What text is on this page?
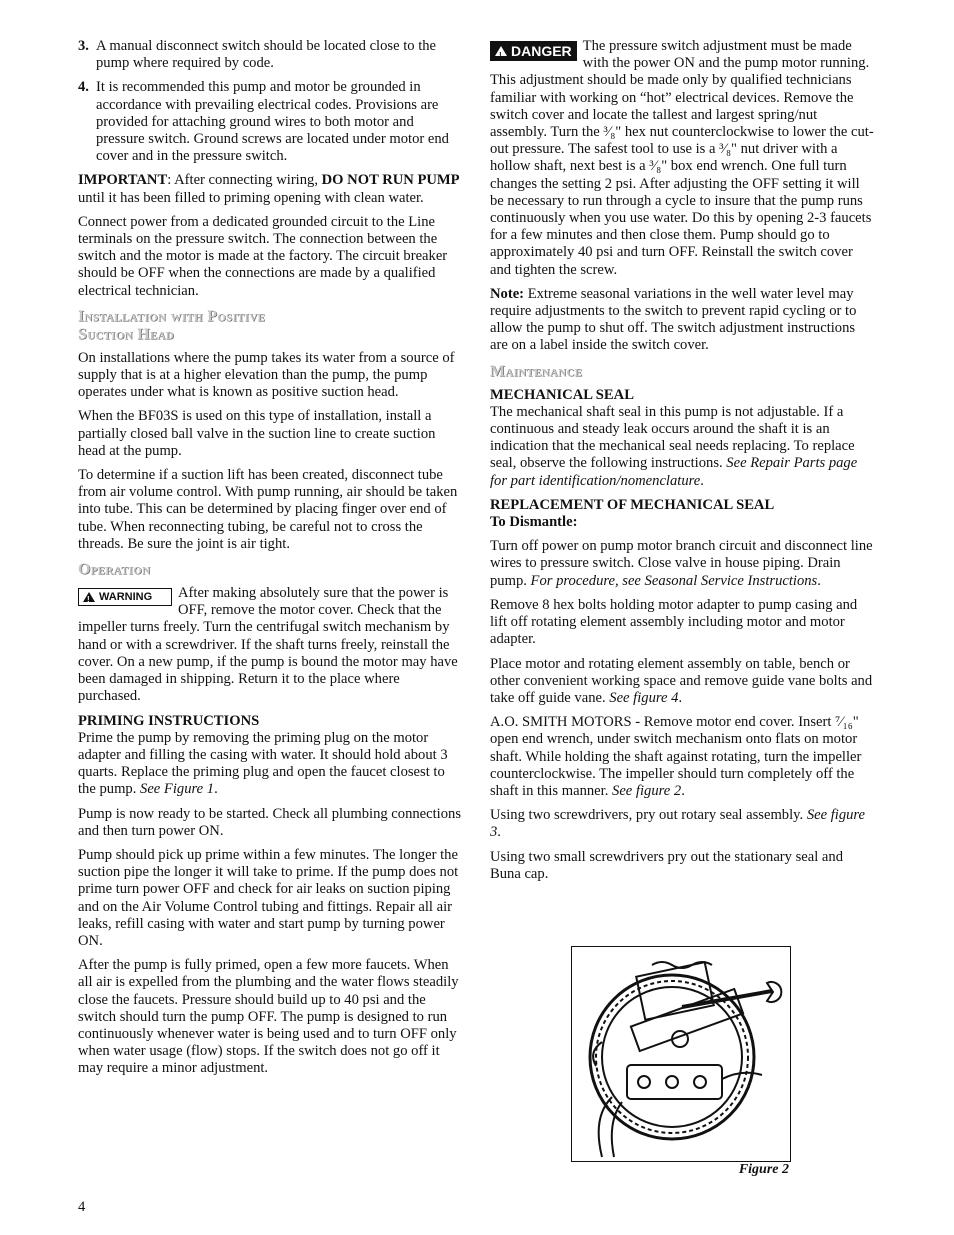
3. A manual disconnect switch should be located close to the pump where required by code.
4. It is recommended this pump and motor be grounded in accordance with prevailing electrical codes. Provisions are provided for attaching ground wires to both motor and pressure switch. Ground screws are located under motor end cover and in the pressure switch.

IMPORTANT: After connecting wiring, DO NOT RUN PUMP until it has been filled to priming opening with clean water.

Connect power from a dedicated grounded circuit to the Line terminals on the pressure switch. The connection between the switch and the motor is made at the factory. The circuit breaker should be OFF when the connections are made by a qualified electrical technician.

Installation with Positive
Suction Head

On installations where the pump takes its water from a source of supply that is at a higher elevation than the pump, the pump operates under what is known as positive suction head.

When the BF03S is used on this type of installation, install a partially closed ball valve in the suction line to create suction head at the pump.

To determine if a suction lift has been created, disconnect tube from air volume control. With pump running, air should be taken into tube. This can be determined by placing finger over end of tube. When reconnecting tubing, be careful not to cross the threads. Be sure the joint is air tight.

Operation

! WARNING After making absolutely sure that the power is OFF, remove the motor cover. Check that the impeller turns freely. Turn the centrifugal switch mechanism by hand or with a screwdriver. If the shaft turns freely, reinstall the cover. On a new pump, if the pump is bound the motor may have been damaged in shipping. Return it to the place where purchased.

PRIMING INSTRUCTIONS

Prime the pump by removing the priming plug on the motor adapter and filling the casing with water. It should hold about 3 quarts. Replace the priming plug and open the faucet closest to the pump. See Figure 1.

Pump is now ready to be started. Check all plumbing connections and then turn power ON.

Pump should pick up prime within a few minutes. The longer the suction pipe the longer it will take to prime. If the pump does not prime turn power OFF and check for air leaks on suction piping and on the Air Volume Control tubing and fittings. Repair all air leaks, refill casing with water and start pump by turning power ON.

After the pump is fully primed, open a few more faucets. When all air is expelled from the plumbing and the water flows steadily close the faucets. Pressure should build up to 40 psi and the switch should turn the pump OFF. The pump is designed to run continuously whenever water is being used and to turn OFF only when water usage (flow) stops. If the switch does not go off it may require a minor adjustment.

! DANGER The pressure switch adjustment must be made with the power ON and the pump motor running. This adjustment should be made only by qualified technicians familiar with working on “hot” electrical devices. Remove the switch cover and locate the tallest and largest spring/nut assembly. Turn the ³⁄₈" hex nut counterclockwise to lower the cut-out pressure. The safest tool to use is a ³⁄₈" nut driver with a hollow shaft, next best is a ³⁄₈" box end wrench. One full turn changes the setting 2 psi. After adjusting the OFF setting it will be necessary to run through a cycle to insure that the pump runs continuously when you use water. Do this by opening 2-3 faucets for a few minutes and then close them. Pump should go to approximately 40 psi and turn OFF. Reinstall the switch cover and tighten the screw.

Note: Extreme seasonal variations in the well water level may require adjustments to the switch to prevent rapid cycling or to allow the pump to shut off. The switch adjustment instructions are on a label inside the switch cover.

Maintenance

MECHANICAL SEAL

The mechanical shaft seal in this pump is not adjustable. If a continuous and steady leak occurs around the shaft it is an indication that the mechanical seal needs replacing. To replace seal, observe the following instructions. See Repair Parts page for part identification/nomenclature.

REPLACEMENT OF MECHANICAL SEAL

To Dismantle:

Turn off power on pump motor branch circuit and disconnect line wires to pressure switch. Close valve in house piping. Drain pump. For procedure, see Seasonal Service Instructions.

Remove 8 hex bolts holding motor adapter to pump casing and lift off rotating element assembly including motor and motor adapter.

Place motor and rotating element assembly on table, bench or other convenient working space and remove guide vane bolts and take off guide vane. See figure 4.

A.O. SMITH MOTORS - Remove motor end cover. Insert ⁷⁄₁₆" open end wrench, under switch mechanism onto flats on motor shaft. While holding the shaft against rotating, turn the impeller counterclockwise. The impeller should turn completely off the shaft in this manner. See figure 2.

Using two screwdrivers, pry out rotary seal assembly. See figure 3.

Using two small screwdrivers pry out the stationary seal and Buna cap.

Figure 2
4
